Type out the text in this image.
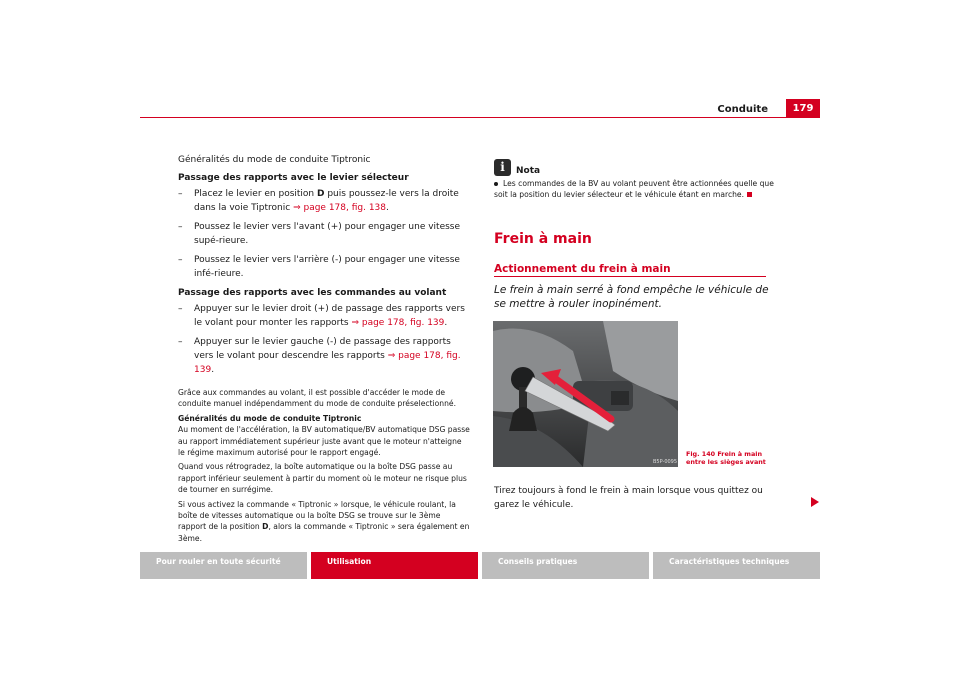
Conduite	179

Généralités du mode de conduite Tiptronic

Passage des rapports avec le levier sélecteur

– Placez le levier en position D puis poussez-le vers la droite dans la voie Tiptronic ⇒ page 178, fig. 138.
– Poussez le levier vers l'avant (+) pour engager une vitesse supé-rieure.
– Poussez le levier vers l'arrière (-) pour engager une vitesse infé-rieure.

Passage des rapports avec les commandes au volant

– Appuyer sur le levier droit (+) de passage des rapports vers le volant pour monter les rapports ⇒ page 178, fig. 139.
– Appuyer sur le levier gauche (-) de passage des rapports vers le volant pour descendre les rapports ⇒ page 178, fig. 139.

Grâce aux commandes au volant, il est possible d'accéder le mode de conduite manuel indépendamment du mode de conduite préselectionné.

Généralités du mode de conduite Tiptronic

Au moment de l'accélération, la BV automatique/BV automatique DSG passe au rapport immédiatement supérieur juste avant que le moteur n'atteigne le régime maximum autorisé pour le rapport engagé.

Quand vous rétrogradez, la boîte automatique ou la boîte DSG passe au rapport inférieur seulement à partir du moment où le moteur ne risque plus de tourner en surrégime.

Si vous activez la commande « Tiptronic » lorsque, le véhicule roulant, la boîte de vitesses automatique ou la boîte DSG se trouve sur le 3ème rapport de la position D, alors la commande « Tiptronic » sera également en 3ème.

i	Nota
Les commandes de la BV au volant peuvent être actionnées quelle que soit la position du levier sélecteur et le véhicule étant en marche.
Frein à main
Actionnement du frein à main
Le frein à main serré à fond empêche le véhicule de se mettre à rouler inopinément.
B5P-0095
Fig. 140 Frein à main
entre les sièges avant
Tirez toujours à fond le frein à main lorsque vous quittez ou garez le véhicule.
Pour rouler en toute sécurité	Utilisation	Conseils pratiques	Caractéristiques techniques
